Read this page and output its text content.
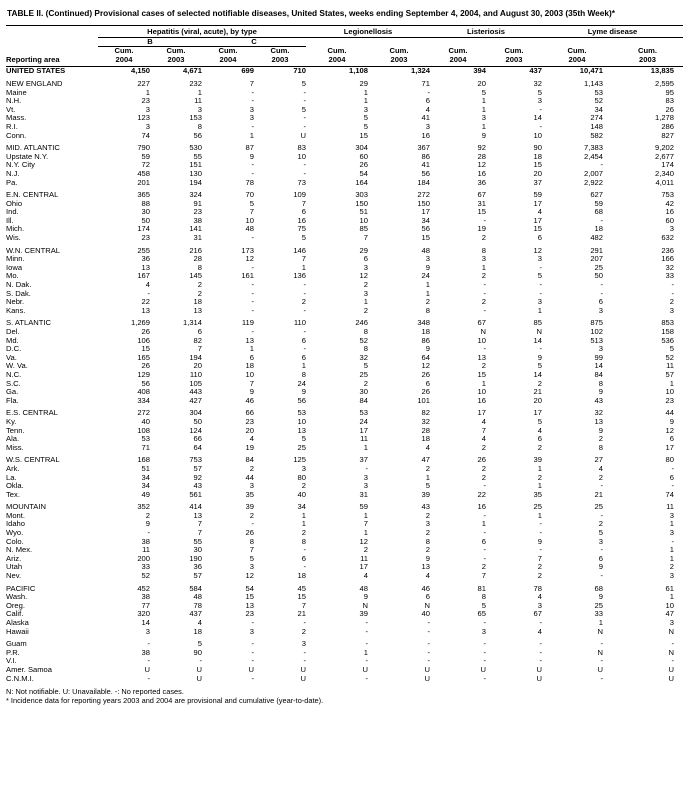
TABLE II. (Continued) Provisional cases of selected notifiable diseases, United States, weeks ending September 4, 2004, and August 30, 2003 (35th Week)*

	Hepatitis (viral, acute), by type				Legionellosis		Listeriosis		Lyme disease	
	B		C							
	Cum.	Cum.	Cum.	Cum.	Cum.	Cum.	Cum.	Cum.	Cum.	Cum.
Reporting area	2004	2003	2004	2003	2004	2003	2004	2003	2004	2003

UNITED STATES	4,150	4,671	699	710	1,108	1,324	394	437	10,471	13,835
NEW ENGLAND	227	232	7	5	29	71	20	32	1,143	2,595
Maine	1	1	-	-	1	-	5	5	53	95
N.H.	23	11	-	-	1	6	1	3	52	83
Vt.	3	3	3	5	3	4	1	-	34	26
Mass.	123	153	3	-	5	41	3	14	274	1,278
R.I.	3	8	-	-	5	3	1	-	148	286
Conn.	74	56	1	U	15	16	9	10	582	827
MID. ATLANTIC	790	530	87	83	304	367	92	90	7,383	9,202
Upstate N.Y.	59	55	9	10	60	86	28	18	2,454	2,677
N.Y. City	72	151	-	-	26	41	12	15	-	174
N.J.	458	130	-	-	54	56	16	20	2,007	2,340
Pa.	201	194	78	73	164	184	36	37	2,922	4,011
E.N. CENTRAL	365	324	70	109	303	272	67	59	627	753
Ohio	88	91	5	7	150	150	31	17	59	42
Ind.	30	23	7	6	51	17	15	4	68	16
Ill.	50	38	10	16	10	34	-	17	-	60
Mich.	174	141	48	75	85	56	19	15	18	3
Wis.	23	31	-	5	7	15	2	6	482	632
W.N. CENTRAL	255	216	173	146	29	48	8	12	291	236
Minn.	36	28	12	7	6	3	3	3	207	166
Iowa	13	8	-	1	3	9	1	-	25	32
Mo.	167	145	161	136	12	24	2	5	50	33
N. Dak.	4	2	-	-	2	1	-	-	-	-
S. Dak.	-	2	-	-	3	1	-	-	-	-
Nebr.	22	18	-	2	1	2	2	3	6	2
Kans.	13	13	-	-	2	8	-	1	3	3
S. ATLANTIC	1,269	1,314	119	110	246	348	67	85	875	853
Del.	26	6	-	-	8	18	N	N	102	158
Md.	106	82	13	6	52	86	10	14	513	536
D.C.	15	7	1	-	8	9	-	-	3	5
Va.	165	194	6	6	32	64	13	9	99	52
W. Va.	26	20	18	1	5	12	2	5	14	11
N.C.	129	110	10	8	25	26	15	14	84	57
S.C.	56	105	7	24	2	6	1	2	8	1
Ga.	408	443	9	9	30	26	10	21	9	10
Fla.	334	427	46	56	84	101	16	20	43	23
E.S. CENTRAL	272	304	66	53	53	82	17	17	32	44
Ky.	40	50	23	10	24	32	4	5	13	9
Tenn.	108	124	20	13	17	28	7	4	9	12
Ala.	53	66	4	5	11	18	4	6	2	6
Miss.	71	64	19	25	1	4	2	2	8	17
W.S. CENTRAL	168	753	84	125	37	47	26	39	27	80
Ark.	51	57	2	3	-	2	2	1	4	-
La.	34	92	44	80	3	1	2	2	2	6
Okla.	34	43	3	2	3	5	-	1	-	-
Tex.	49	561	35	40	31	39	22	35	21	74
MOUNTAIN	352	414	39	34	59	43	16	25	25	11
Mont.	2	13	2	1	1	2	-	1	-	3
Idaho	9	7	-	1	7	3	1	-	2	1
Wyo.	-	7	26	2	1	2	-	-	5	3
Colo.	38	55	8	8	12	8	6	9	3	-
N. Mex.	11	30	7	-	2	2	-	-	-	1
Ariz.	200	190	5	6	11	9	-	7	6	1
Utah	33	36	3	-	17	13	2	2	9	2
Nev.	52	57	12	18	4	4	7	2	-	3
PACIFIC	452	584	54	45	48	46	81	78	68	61
Wash.	38	48	15	15	9	6	8	4	9	1
Oreg.	77	78	13	7	N	N	5	3	25	10
Calif.	320	437	23	21	39	40	65	67	33	47
Alaska	14	4	-	-	-	-	-	-	1	3
Hawaii	3	18	3	2	-	-	3	4	N	N
Guam	-	5	-	3	-	-	-	-	-	-
P.R.	38	90	-	-	1	-	-	-	N	N
V.I.	-	-	-	-	-	-	-	-	-	-
Amer. Samoa	U	U	U	U	U	U	U	U	U	U
C.N.M.I.	-	U	-	U	-	U	-	U	-	U
N: Not notifiable. U: Unavailable. -: No reported cases.
* Incidence data for reporting years 2003 and 2004 are provisional and cumulative (year-to-date).
